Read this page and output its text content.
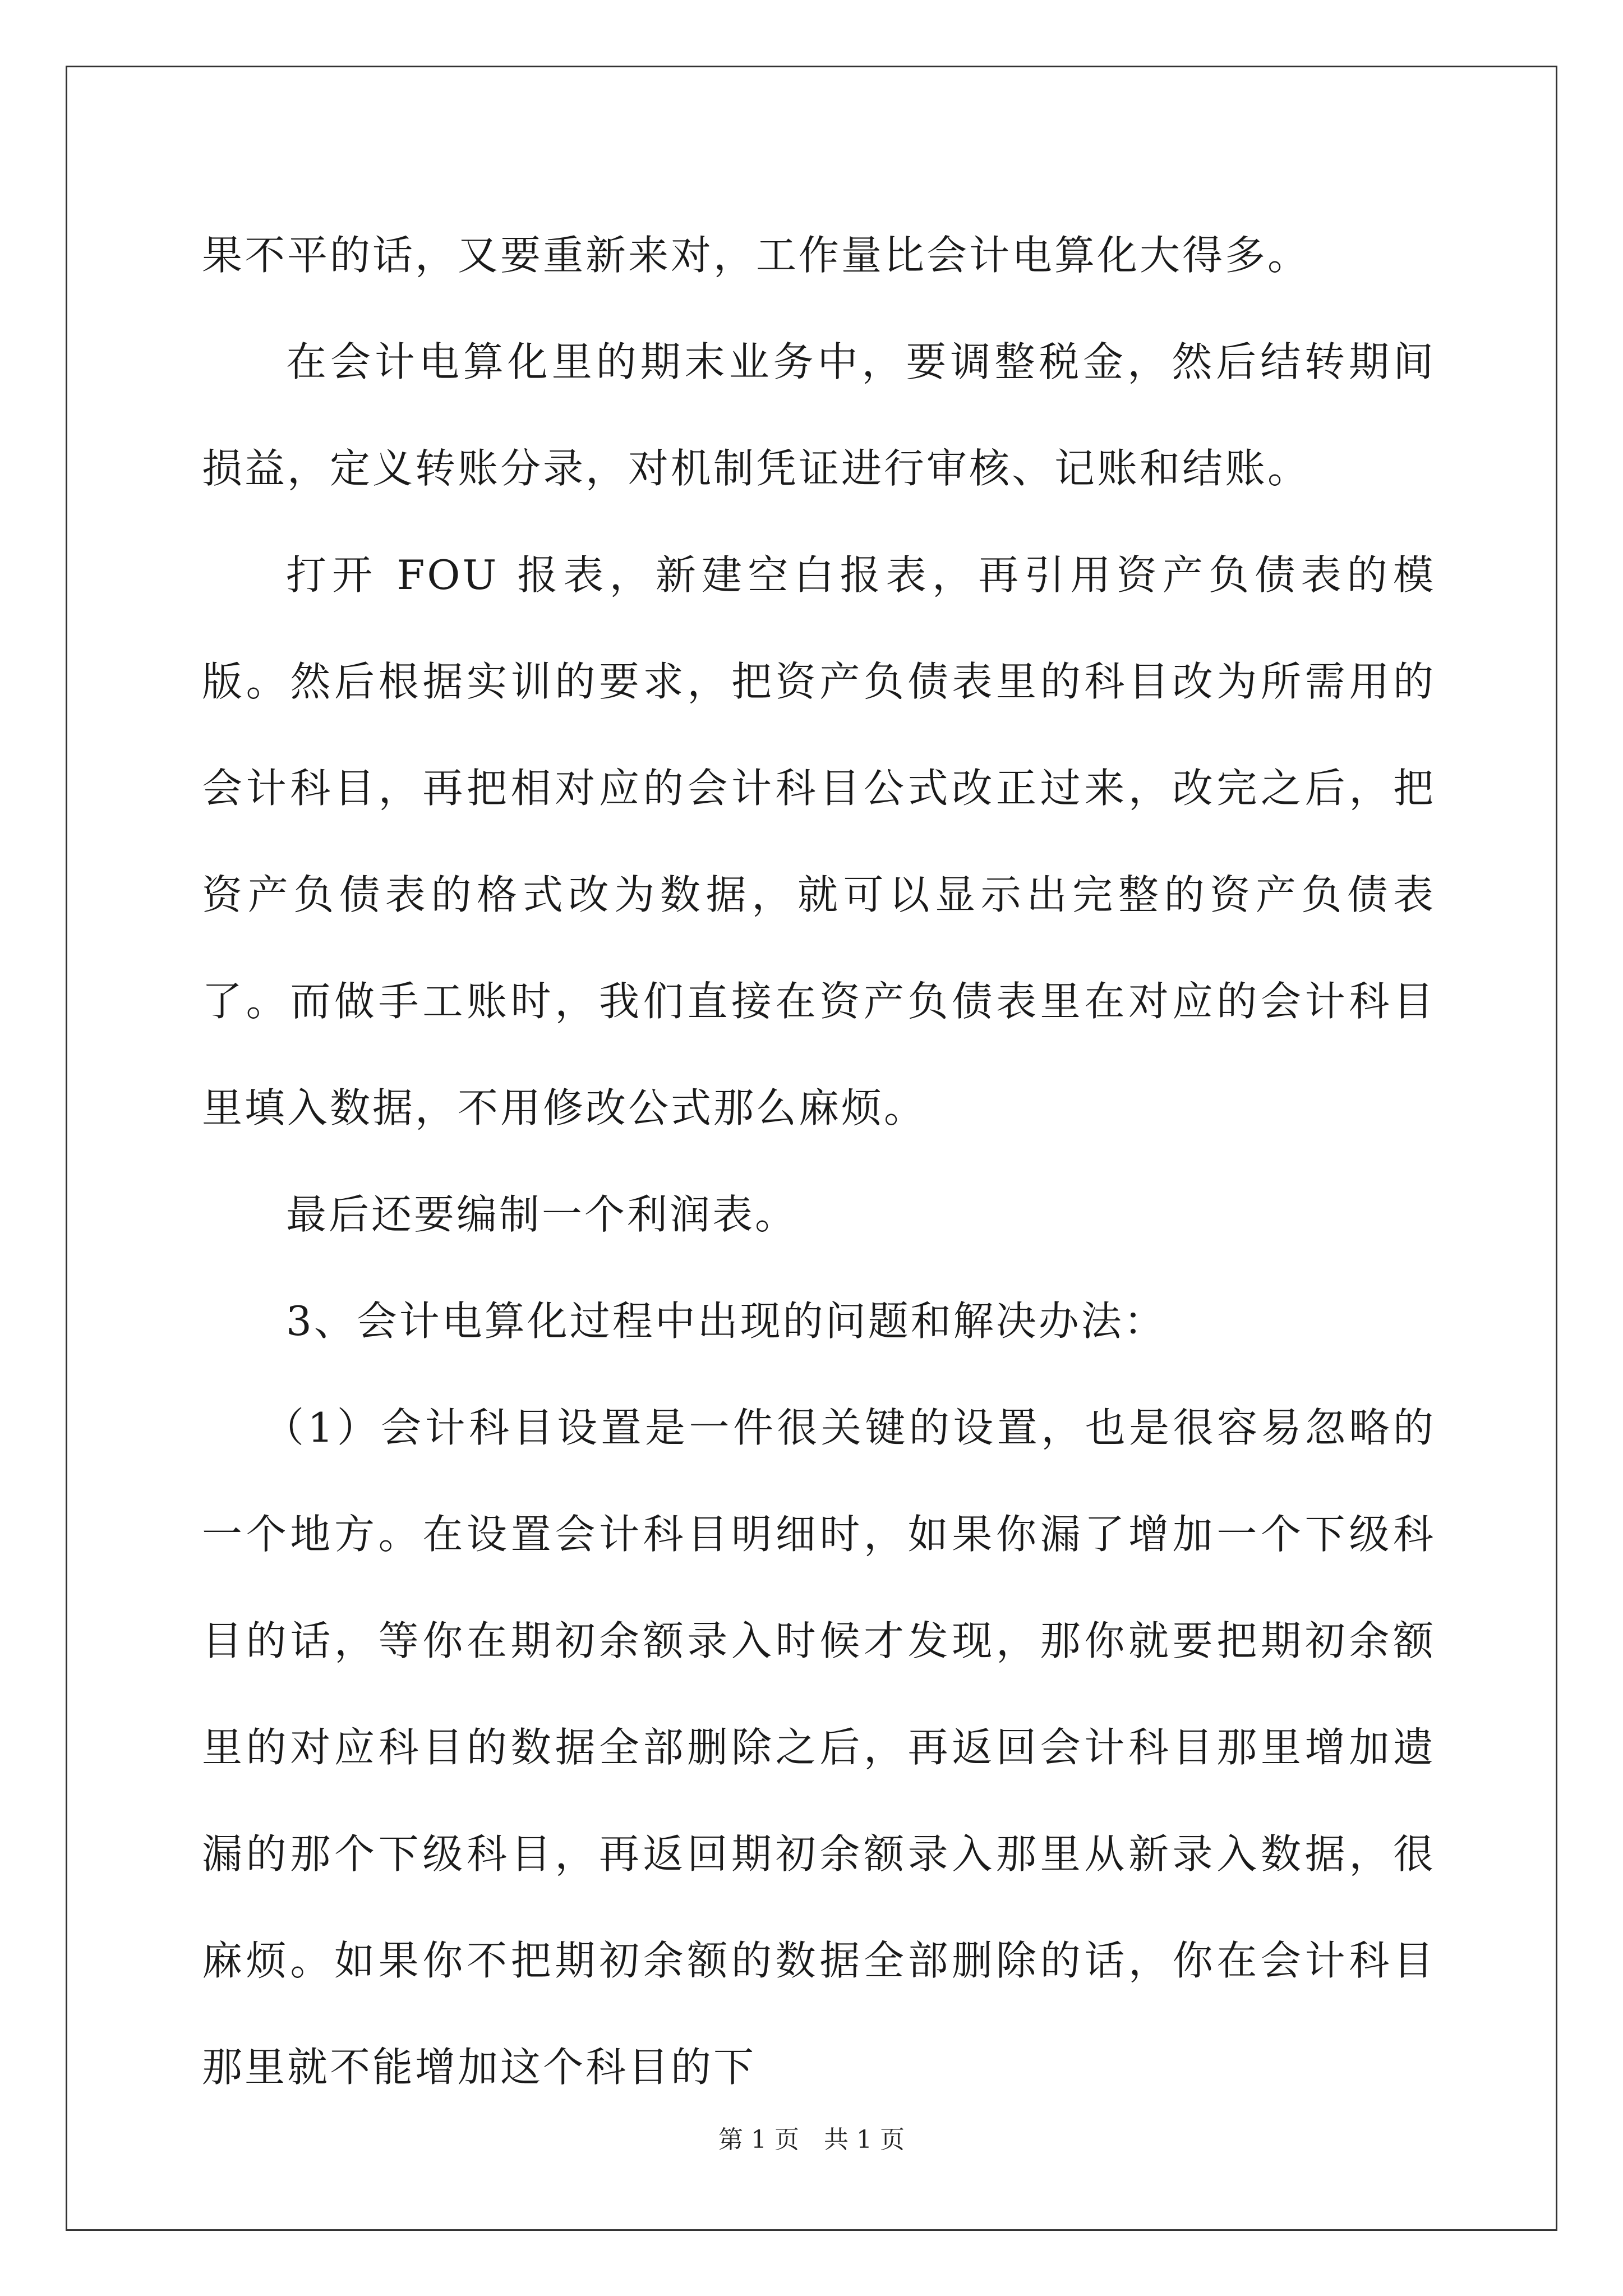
果不平的话，又要重新来对，工作量比会计电算化大得多。

在会计电算化里的期末业务中，要调整税金，然后结转期间损益，定义转账分录，对机制凭证进行审核、记账和结账。

打开 FOU 报表，新建空白报表，再引用资产负债表的模版。然后根据实训的要求，把资产负债表里的科目改为所需用的会计科目，再把相对应的会计科目公式改正过来，改完之后，把资产负债表的格式改为数据，就可以显示出完整的资产负债表了。而做手工账时，我们直接在资产负债表里在对应的会计科目里填入数据，不用修改公式那么麻烦。

最后还要编制一个利润表。

3、会计电算化过程中出现的问题和解决办法：

（1）会计科目设置是一件很关键的设置，也是很容易忽略的一个地方。在设置会计科目明细时，如果你漏了增加一个下级科目的话，等你在期初余额录入时候才发现，那你就要把期初余额里的对应科目的数据全部删除之后，再返回会计科目那里增加遗漏的那个下级科目，再返回期初余额录入那里从新录入数据，很麻烦。如果你不把期初余额的数据全部删除的话，你在会计科目那里就不能增加这个科目的下

第 1 页　共 1 页
